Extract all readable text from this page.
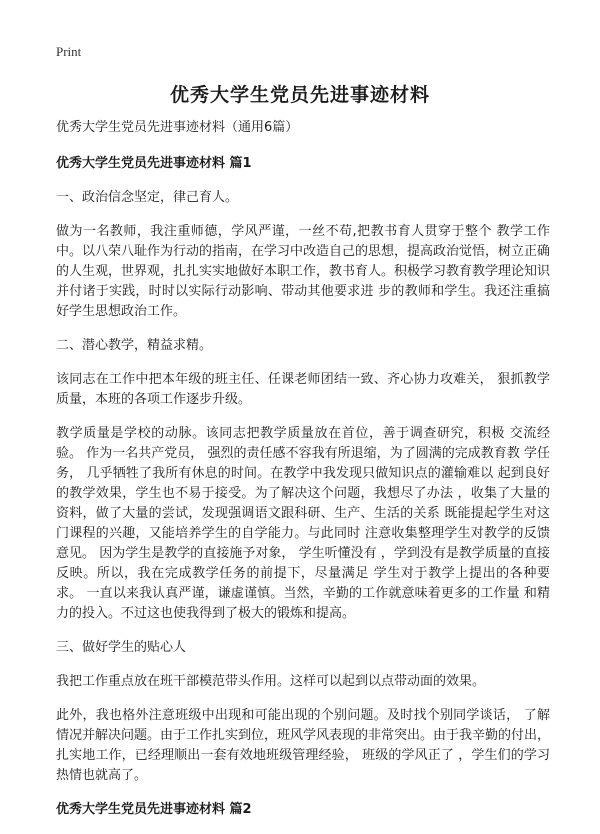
Print
优秀大学生党员先进事迹材料

优秀大学生党员先进事迹材料（通用6篇）

优秀大学生党员先进事迹材料 篇1

一、政治信念坚定，律己育人。

做为一名教师，我注重师德，学风严谨，一丝不苟,把教书育人贯穿于整个 教学工作中。以八荣八耻作为行动的指南，在学习中改造自己的思想，提高政治觉悟，树立正确的人生观，世界观，扎扎实实地做好本职工作，教书育人。积极学习教育教学理论知识并付诸于实践，时时以实际行动影响、带动其他要求进 步的教师和学生。我还注重搞好学生思想政治工作。

二、潜心教学，精益求精。

该同志在工作中把本年级的班主任、任课老师团结一致、齐心协力攻难关， 狠抓教学质量，本班的各项工作逐步升级。

教学质量是学校的动脉。该同志把教学质量放在首位，善于调查研究，积极 交流经验。 作为一名共产党员， 强烈的责任感不容我有所退缩，为了圆满的完成教育教 学任务， 几乎牺牲了我所有休息的时间。在教学中我发现只做知识点的灌输难以 起到良好的教学效果，学生也不易于接受。为了解决这个问题，我想尽了办法 ，收集了大量的资料，做了大量的尝试，发现强调语文跟科研、生产、生活的关系 既能提起学生对这门课程的兴趣，又能培养学生的自学能力。与此同时 注意收集整理学生对教学的反馈意见。 因为学生是教学的直接施予对象， 学生听懂没有 ，学到没有是教学质量的直接反映。所以，我在完成教学任务的前提下，尽量满足 学生对于教学上提出的各种要求。 一直以来我认真严谨，谦虚谨慎。当然，辛勤的工作就意味着更多的工作量 和精力的投入。不过这也使我得到了极大的锻炼和提高。

三、做好学生的贴心人

我把工作重点放在班干部模范带头作用。这样可以起到以点带动面的效果。

此外，我也格外注意班级中出现和可能出现的个别问题。及时找个别同学谈话， 了解情况并解决问题。由于工作扎实到位，班风学风表现的非常突出。由于我辛勤的付出， 扎实地工作，已经理顺出一套有效地班级管理经验， 班级的学风正了 ，学生们的学习热情也就高了。

优秀大学生党员先进事迹材料 篇2
